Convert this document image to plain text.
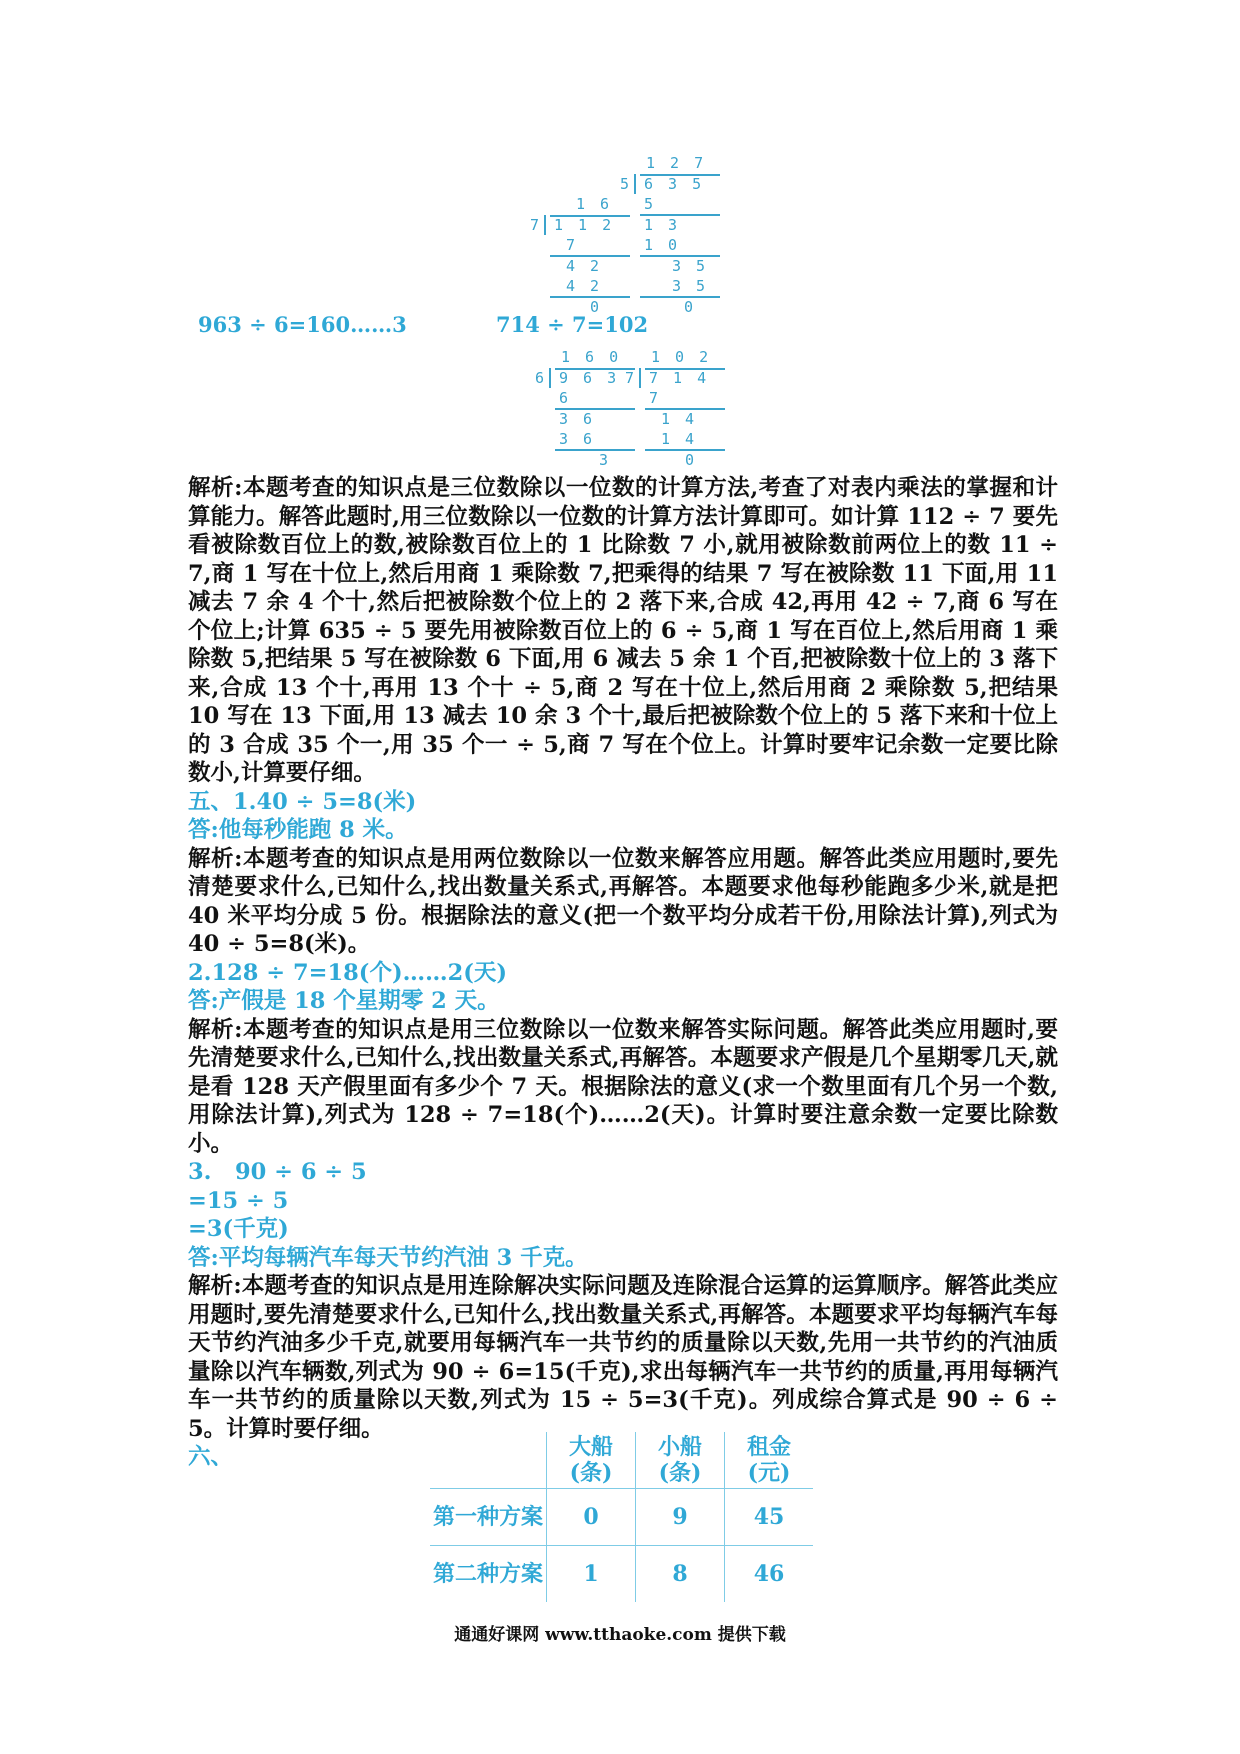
1 2 7
5 6 3 5
5
1 3
1 0
3 5
3 5
0
1 6
7 1 1 2
7
4 2
4 2
0
963 ÷ 6=160……3	714 ÷ 7=102
1 6 0
6 9 6 3
6
3 6
3 6
3
1 0 2
7 7 1 4
7
1 4
1 4
0

解析:本题考查的知识点是三位数除以一位数的计算方法,考查了对表内乘法的掌握和计算能力。解答此题时,用三位数除以一位数的计算方法计算即可。如计算 112 ÷ 7 要先看被除数百位上的数,被除数百位上的 1 比除数 7 小,就用被除数前两位上的数 11 ÷ 7,商 1 写在十位上,然后用商 1 乘除数 7,把乘得的结果 7 写在被除数 11 下面,用 11 减去 7 余 4 个十,然后把被除数个位上的 2 落下来,合成 42,再用 42 ÷ 7,商 6 写在个位上;计算 635 ÷ 5 要先用被除数百位上的 6 ÷ 5,商 1 写在百位上,然后用商 1 乘除数 5,把结果 5 写在被除数 6 下面,用 6 减去 5 余 1 个百,把被除数十位上的 3 落下来,合成 13 个十,再用 13 个十 ÷ 5,商 2 写在十位上,然后用商 2 乘除数 5,把结果 10 写在 13 下面,用 13 减去 10 余 3 个十,最后把被除数个位上的 5 落下来和十位上的 3 合成 35 个一,用 35 个一 ÷ 5,商 7 写在个位上。计算时要牢记余数一定要比除数小,计算要仔细。

五、1.40 ÷ 5=8(米)

答:他每秒能跑 8 米。

解析:本题考查的知识点是用两位数除以一位数来解答应用题。解答此类应用题时,要先清楚要求什么,已知什么,找出数量关系式,再解答。本题要求他每秒能跑多少米,就是把 40 米平均分成 5 份。根据除法的意义(把一个数平均分成若干份,用除法计算),列式为 40 ÷ 5=8(米)。

2.128 ÷ 7=18(个)……2(天)

答:产假是 18 个星期零 2 天。

解析:本题考查的知识点是用三位数除以一位数来解答实际问题。解答此类应用题时,要先清楚要求什么,已知什么,找出数量关系式,再解答。本题要求产假是几个星期零几天,就是看 128 天产假里面有多少个 7 天。根据除法的意义(求一个数里面有几个另一个数,用除法计算),列式为 128 ÷ 7=18(个)……2(天)。计算时要注意余数一定要比除数小。

3.   90 ÷ 6 ÷ 5

=15 ÷ 5

=3(千克)

答:平均每辆汽车每天节约汽油 3 千克。

解析:本题考查的知识点是用连除解决实际问题及连除混合运算的运算顺序。解答此类应用题时,要先清楚要求什么,已知什么,找出数量关系式,再解答。本题要求平均每辆汽车每天节约汽油多少千克,就要用每辆汽车一共节约的质量除以天数,先用一共节约的汽油质量除以汽车辆数,列式为 90 ÷ 6=15(千克),求出每辆汽车一共节约的质量,再用每辆汽车一共节约的质量除以天数,列式为 15 ÷ 5=3(千克)。列成综合算式是 90 ÷ 6 ÷ 5。计算时要仔细。

六、

		大船(条)	小船(条)	租金(元)
第一种方案	0	9	45
第二种方案	1	8	46
通通好课网 www.tthaoke.com 提供下载
